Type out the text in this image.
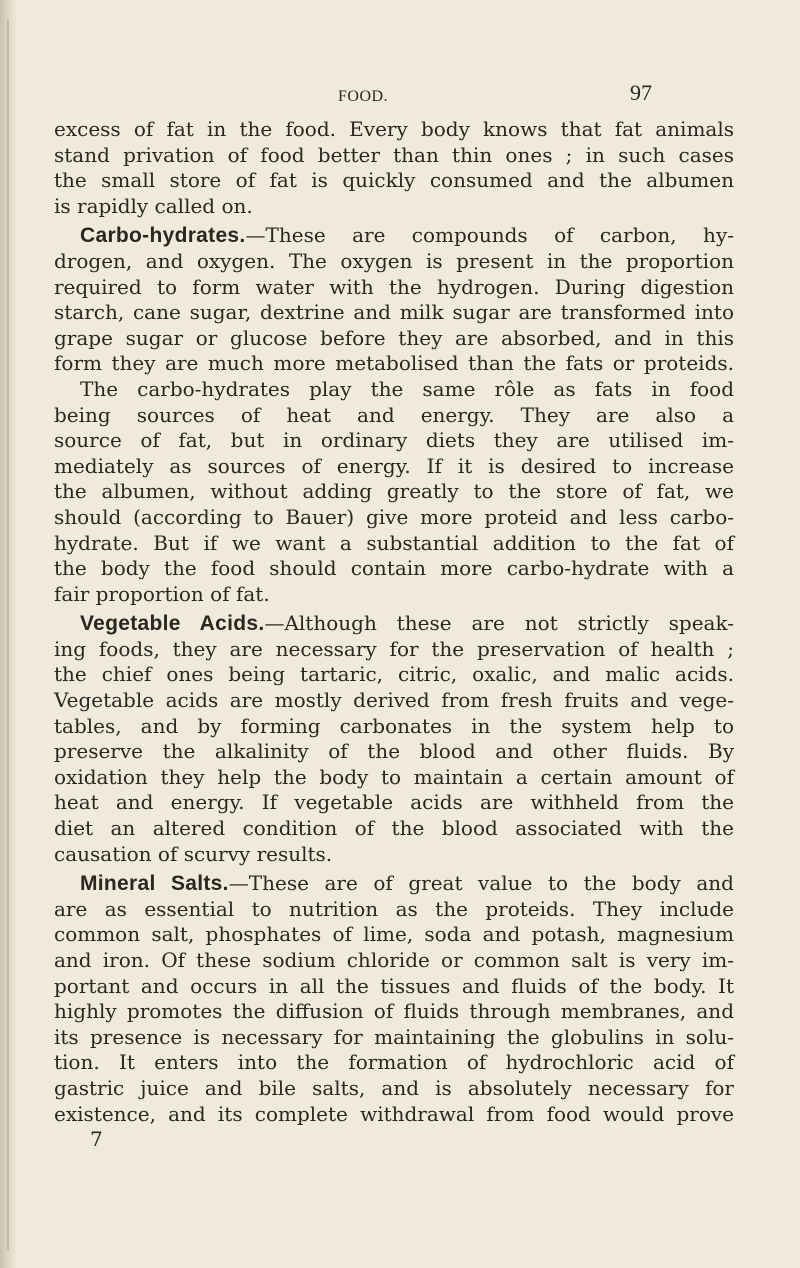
FOOD.	97
excess of fat in the food. Every body knows that fat animals
stand privation of food better than thin ones ; in such cases
the small store of fat is quickly consumed and the albumen
is rapidly called on.
Carbo-hydrates.—These are compounds of carbon, hy-
drogen, and oxygen. The oxygen is present in the proportion
required to form water with the hydrogen. During digestion
starch, cane sugar, dextrine and milk sugar are transformed into
grape sugar or glucose before they are absorbed, and in this
form they are much more metabolised than the fats or proteids.
The carbo-hydrates play the same rôle as fats in food
being sources of heat and energy. They are also a
source of fat, but in ordinary diets they are utilised im-
mediately as sources of energy. If it is desired to increase
the albumen, without adding greatly to the store of fat, we
should (according to Bauer) give more proteid and less carbo-
hydrate. But if we want a substantial addition to the fat of
the body the food should contain more carbo-hydrate with a
fair proportion of fat.
Vegetable Acids.—Although these are not strictly speak-
ing foods, they are necessary for the preservation of health ;
the chief ones being tartaric, citric, oxalic, and malic acids.
Vegetable acids are mostly derived from fresh fruits and vege-
tables, and by forming carbonates in the system help to
preserve the alkalinity of the blood and other fluids. By
oxidation they help the body to maintain a certain amount of
heat and energy. If vegetable acids are withheld from the
diet an altered condition of the blood associated with the
causation of scurvy results.
Mineral Salts.—These are of great value to the body and
are as essential to nutrition as the proteids. They include
common salt, phosphates of lime, soda and potash, magnesium
and iron. Of these sodium chloride or common salt is very im-
portant and occurs in all the tissues and fluids of the body. It
highly promotes the diffusion of fluids through membranes, and
its presence is necessary for maintaining the globulins in solu-
tion. It enters into the formation of hydrochloric acid of
gastric juice and bile salts, and is absolutely necessary for
existence, and its complete withdrawal from food would prove
7
